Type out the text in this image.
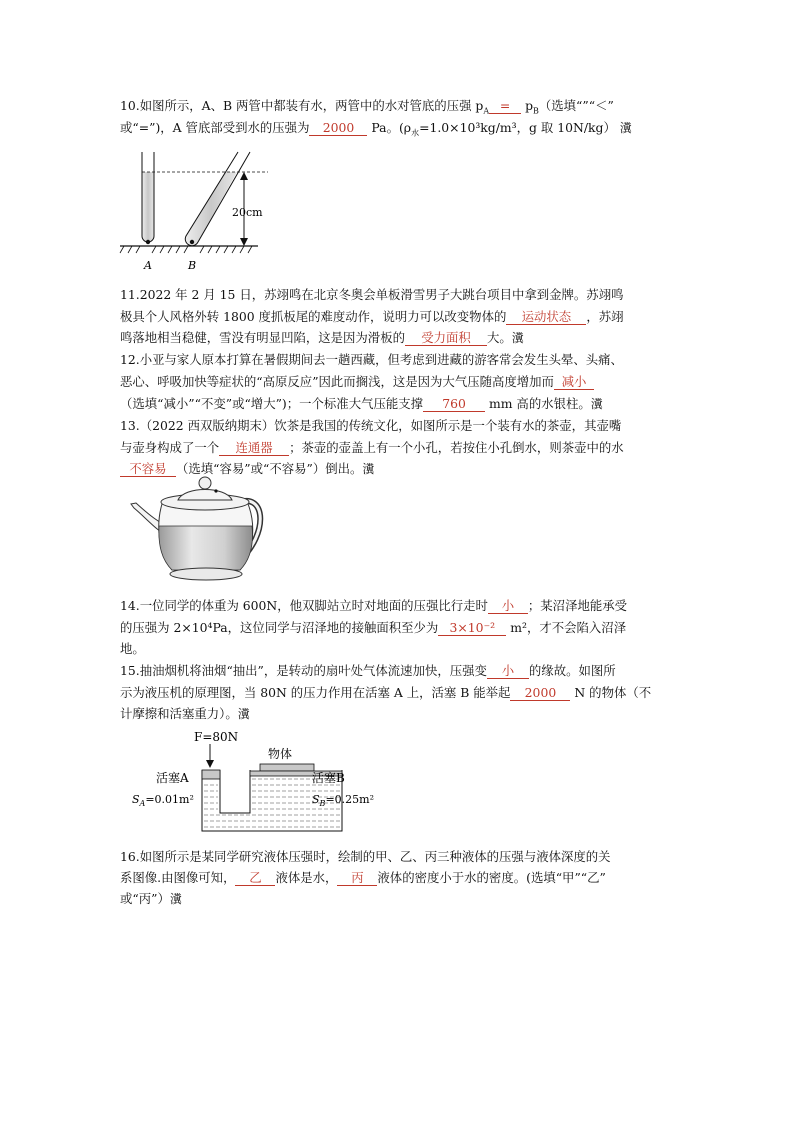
10.如图所示，A、B 两管中都装有水，两管中的水对管底的压强 $p_A = p_B$（选填“”“＜”
或“=”)，A 管底部受到水的压强为 2000 Pa。($\rho_水=1.0\times 10^3kg/m^3$，g 取 10N/kg） 瀵
20cm
A	B
11.2022 年 2 月 15 日，苏翊鸣在北京冬奥会单板滑雪男子大跳台项目中拿到金牌。苏翊鸣
极具个人风格外转 1800 度抓板尾的难度动作，说明力可以改变物体的 运动状态 ，苏翊
鸣落地相当稳健，雪没有明显凹陷，这是因为滑板的 受力面积 大。瀵
12.小亚与家人原本打算在暑假期间去一趟西藏，但考虑到进藏的游客常会发生头晕、头痛、
恶心、呼吸加快等症状的“高原反应”因此而搁浅，这是因为大气压随高度增加而 减小
（选填“减小”“不变”或“增大”)；一个标准大气压能支撑 760 mm 高的水银柱。瀵
13.（2022 西双版纳期末）饮茶是我国的传统文化，如图所示是一个装有水的茶壶，其壶嘴
与壶身构成了一个 连通器 ；茶壶的壶盖上有一个小孔，若按住小孔倒水，则茶壶中的水
不容易 （选填“容易”或“不容易”）倒出。瀵
14.一位同学的体重为 600N，他双脚站立时对地面的压强比行走时 小 ；某沼泽地能承受
的压强为 2×10⁴Pa，这位同学与沼泽地的接触面积至少为 3×10⁻² m²，才不会陷入沼泽
地。
15.抽油烟机将油烟“抽出”，是转动的扇叶处气体流速加快，压强变 小 的缘故。如图所
示为液压机的原理图，当 80N 的压力作用在活塞 A 上，活塞 B 能举起 2000 N 的物体（不
计摩擦和活塞重力）。瀵
F=80N
物体
活塞A
$S_A=0.01m^2$
活塞B
$S_B=0.25m^2$
16.如图所示是某同学研究液体压强时，绘制的甲、乙、丙三种液体的压强与液体深度的关
系图像.由图像可知， 乙 液体是水， 丙 液体的密度小于水的密度。(选填“甲”“乙”
或“丙”）瀵
